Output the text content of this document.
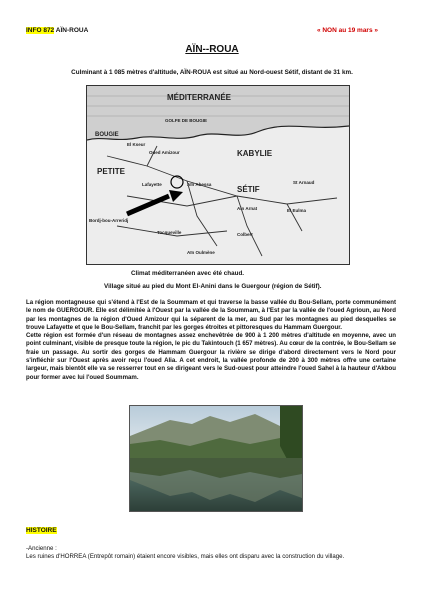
INFO 872 AÏN-ROUA	« NON au 19 mars »
AÏN--ROUA
Culminant à 1 085 mètres d'altitude, AÏN-ROUA est situé au Nord-ouest Sétif, distant de 31 km.
MÉDITERRANÉE
BOUGIE
GOLFE DE BOUGIE
Oued Amizour
El Kseur
PETITE
KABYLIE
Lafayette	Aïn Abessa
SÉTIF
Bordj-bou-Arreridj
El Eulma
Ain Arnat
St Arnaud
Colbert
Tocqueville
Aïn Oulmène
Climat méditerranéen avec été chaud.
Village situé au pied du Mont El-Anini dans le Guergour (région de Sétif).

La région montagneuse qui s'étend à l'Est de la Soummam et qui traverse la basse vallée du Bou-Sellam, porte communément le nom de GUERGOUR. Elle est délimitée à l'Ouest par la vallée de la Soummam, à l'Est par la vallée de l'oued Agrioun, au Nord par les montagnes de la région d'Oued Amizour qui la séparent de la mer, au Sud par les montagnes au pied desquelles se trouve Lafayette et que le Bou-Sellam, franchit par les gorges étroites et pittoresques du Hammam Guergour.

Cette région est formée d'un réseau de montagnes assez enchevêtrée de 900 à 1 200 mètres d'altitude en moyenne, avec un point culminant, visible de presque toute la région, le pic du Takintouch (1 657 mètres). Au cœur de la contrée, le Bou-Sellam se fraie un passage. Au sortir des gorges de Hammam Guergour la rivière se dirige d'abord directement vers le Nord pour s'infléchir sur l'Ouest après avoir reçu l'oued Alia. A cet endroit, la vallée profonde de 200 à 300 mètres offre une certaine largeur, mais bientôt elle va se resserrer tout en se dirigeant vers le Sud-ouest pour atteindre l'oued Sahel à la hauteur d'Akbou pour former avec lui l'oued Soummam.

HISTOIRE

-Ancienne :

Les ruines d'HORREA (Entrepôt romain) étaient encore visibles, mais elles ont disparu avec la construction du village.
